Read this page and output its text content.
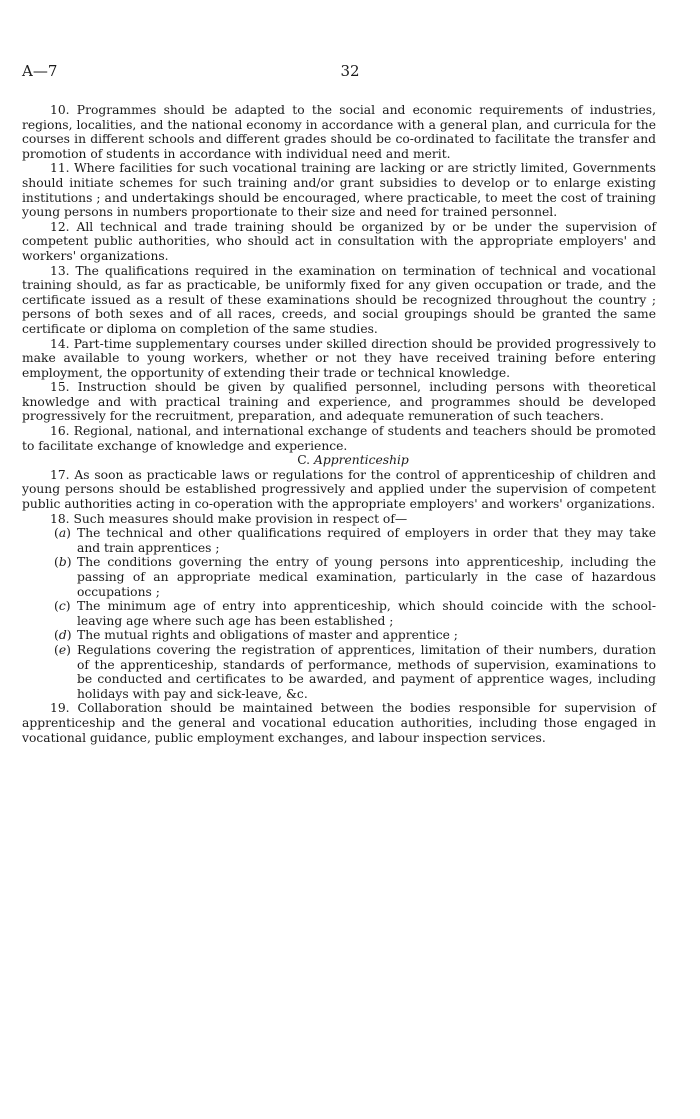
A—7	32

10. Programmes should be adapted to the social and economic requirements of industries, regions, localities, and the national economy in accordance with a general plan, and curricula for the courses in different schools and different grades should be co-ordinated to facilitate the transfer and promotion of students in accordance with individual need and merit.

11. Where facilities for such vocational training are lacking or are strictly limited, Governments should initiate schemes for such training and/or grant subsidies to develop or to enlarge existing institutions ; and undertakings should be encouraged, where practicable, to meet the cost of training young persons in numbers proportionate to their size and need for trained personnel.

12. All technical and trade training should be organized by or be under the supervision of competent public authorities, who should act in consultation with the appropriate employers' and workers' organizations.

13. The qualifications required in the examination on termination of technical and vocational training should, as far as practicable, be uniformly fixed for any given occupation or trade, and the certificate issued as a result of these examinations should be recognized throughout the country ; persons of both sexes and of all races, creeds, and social groupings should be granted the same certificate or diploma on completion of the same studies.

14. Part-time supplementary courses under skilled direction should be provided progressively to make available to young workers, whether or not they have received training before entering employment, the opportunity of extending their trade or technical knowledge.

15. Instruction should be given by qualified personnel, including persons with theoretical knowledge and with practical training and experience, and programmes should be developed progressively for the recruitment, preparation, and adequate remuneration of such teachers.

16. Regional, national, and international exchange of students and teachers should be promoted to facilitate exchange of knowledge and experience.

C. Apprenticeship

17. As soon as practicable laws or regulations for the control of apprenticeship of children and young persons should be established progressively and applied under the supervision of competent public authorities acting in co-operation with the appropriate employers' and workers' organizations.

18. Such measures should make provision in respect of—

(a) The technical and other qualifications required of employers in order that they may take and train apprentices ;
(b) The conditions governing the entry of young persons into apprenticeship, including the passing of an appropriate medical examination, particularly in the case of hazardous occupations ;
(c) The minimum age of entry into apprenticeship, which should coincide with the school-leaving age where such age has been established ;
(d) The mutual rights and obligations of master and apprentice ;
(e) Regulations covering the registration of apprentices, limitation of their numbers, duration of the apprenticeship, standards of performance, methods of supervision, examinations to be conducted and certificates to be awarded, and payment of apprentice wages, including holidays with pay and sick-leave, &c.

19. Collaboration should be maintained between the bodies responsible for supervision of apprenticeship and the general and vocational education authorities, including those engaged in vocational guidance, public employment exchanges, and labour inspection services.
